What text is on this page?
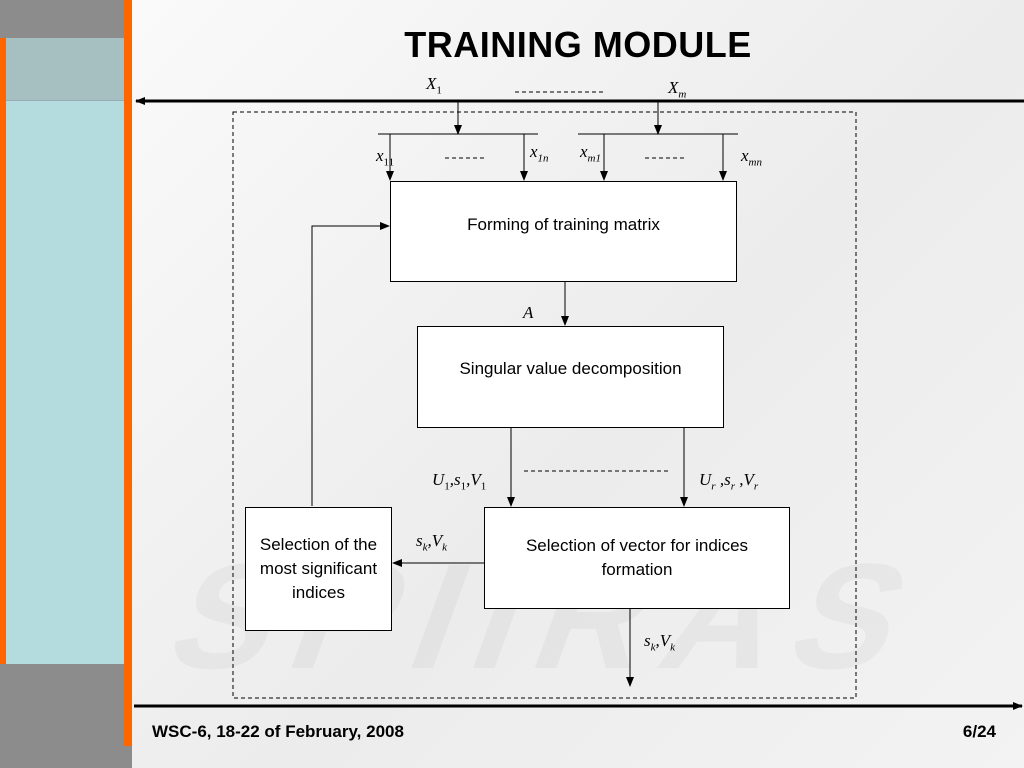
TRAINING MODULE
Forming of training matrix
Singular value decomposition
Selection of vector for indices formation
Selection of the most significant indices
$X_1$	$X_m$
$x_{11}$
$x_{1n}$ $x_{m1}$	$x_{mn}$
A
$U_1,s_1,V_1$	$U_r$ $,s_r$ $,V_r$
$s_k,V_k$
$s_k,V_k$
WSC-6, 18-22 of February, 2008	6/24
